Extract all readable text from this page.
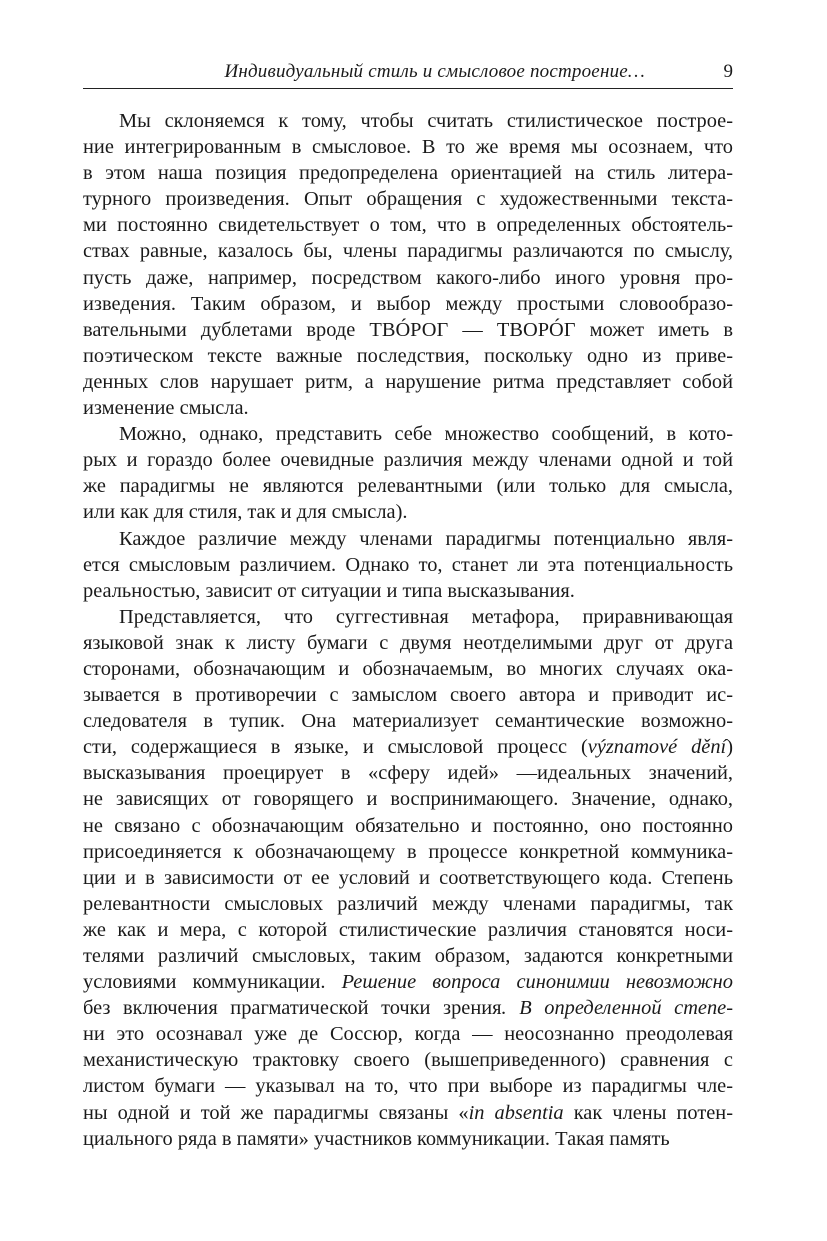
Индивидуальный стиль и смысловое построение…	9
Мы склоняемся к тому, чтобы считать стилистическое построе-
ние интегрированным в смысловое. В то же время мы осознаем, что
в этом наша позиция предопределена ориентацией на стиль литера-
турного произведения. Опыт обращения с художественными текста-
ми постоянно свидетельствует о том, что в определенных обстоятель-
ствах равные, казалось бы, члены парадигмы различаются по смыслу,
пусть даже, например, посредством какого-либо иного уровня про-
изведения. Таким образом, и выбор между простыми словообразо-
вательными дублетами вроде ТВÓРОГ — ТВОРÓГ может иметь в
поэтическом тексте важные последствия, поскольку одно из приве-
денных слов нарушает ритм, а нарушение ритма представляет собой
изменение смысла.
Можно, однако, представить себе множество сообщений, в кото-
рых и гораздо более очевидные различия между членами одной и той
же парадигмы не являются релевантными (или только для смысла,
или как для стиля, так и для смысла).
Каждое различие между членами парадигмы потенциально явля-
ется смысловым различием. Однако то, станет ли эта потенциальность
реальностью, зависит от ситуации и типа высказывания.
Представляется, что суггестивная метафора, приравнивающая
языковой знак к листу бумаги с двумя неотделимыми друг от друга
сторонами, обозначающим и обозначаемым, во многих случаях ока-
зывается в противоречии с замыслом своего автора и приводит ис-
следователя в тупик. Она материализует семантические возможно-
сти, содержащиеся в языке, и смысловой процесс (významové dění)
высказывания проецирует в «сферу идей» —идеальных значений,
не зависящих от говорящего и воспринимающего. Значение, однако,
не связано с обозначающим обязательно и постоянно, оно постоянно
присоединяется к обозначающему в процессе конкретной коммуника-
ции и в зависимости от ее условий и соответствующего кода. Степень
релевантности смысловых различий между членами парадигмы, так
же как и мера, с которой стилистические различия становятся носи-
телями различий смысловых, таким образом, задаются конкретными
условиями коммуникации. Решение вопроса синонимии невозможно
без включения прагматической точки зрения. В определенной степе-
ни это осознавал уже де Соссюр, когда — неосознанно преодолевая
механистическую трактовку своего (вышеприведенного) сравнения с
листом бумаги — указывал на то, что при выборе из парадигмы чле-
ны одной и той же парадигмы связаны «in absentia как члены потен-
циального ряда в памяти» участников коммуникации. Такая память
